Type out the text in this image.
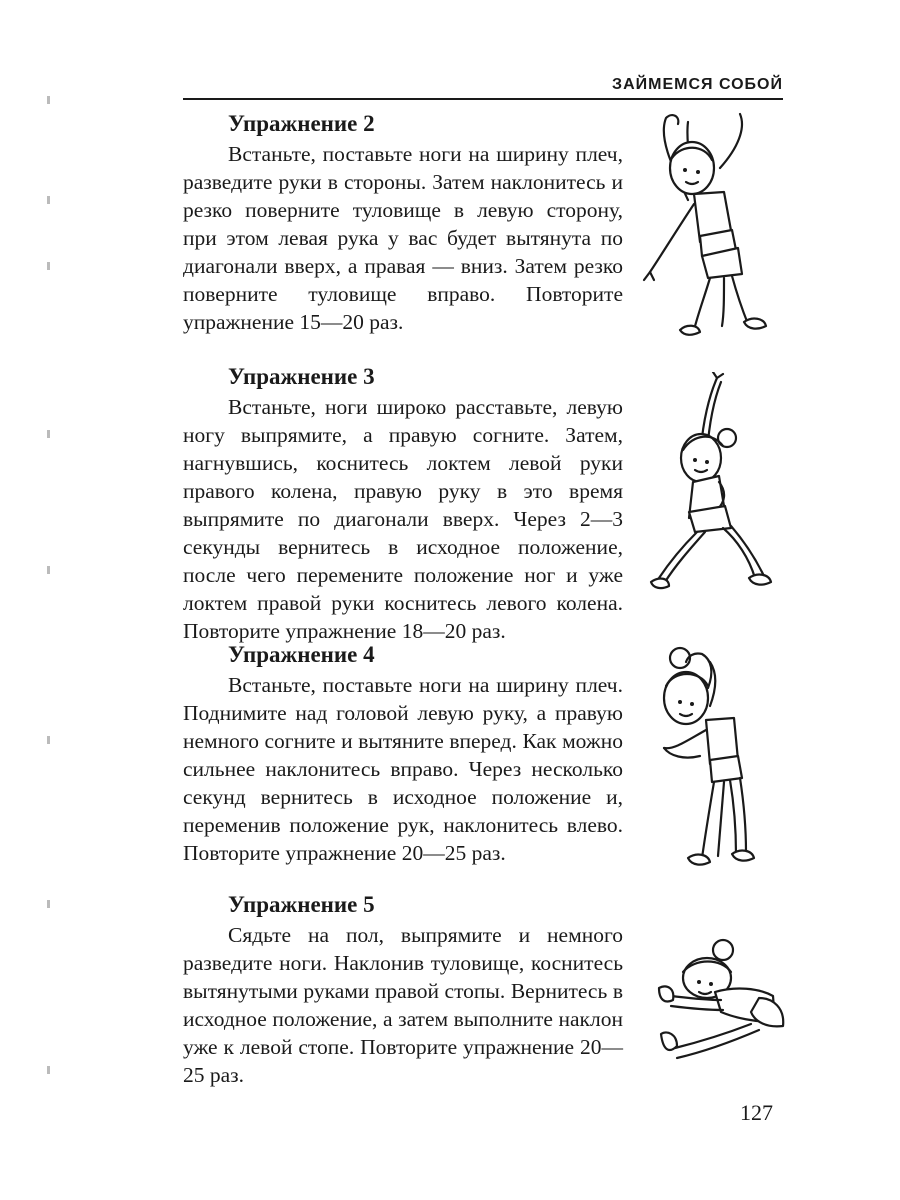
ЗАЙМЕМСЯ СОБОЙ
Упражнение 2

Встаньте, поставьте ноги на ширину плеч, разведите руки в стороны. Затем наклонитесь и резко поверните туловище в левую сторону, при этом левая рука у вас будет вытянута по диагонали вверх, а правая — вниз. Затем резко поверните туловище вправо. Повторите упражнение 15—20 раз.

Упражнение 3

Встаньте, ноги широко расставьте, левую ногу выпрямите, а правую согните. Затем, нагнувшись, коснитесь локтем левой руки правого колена, правую руку в это время выпрямите по диагонали вверх. Через 2—3 секунды вернитесь в исходное положение, после чего перемените положение ног и уже локтем правой руки коснитесь левого колена. Повторите упражнение 18—20 раз.

Упражнение 4

Встаньте, поставьте ноги на ширину плеч. Поднимите над головой левую руку, а правую немного согните и вытяните вперед. Как можно сильнее наклонитесь вправо. Через несколько секунд вернитесь в исходное положение и, переменив положение рук, наклонитесь влево. Повторите упражнение 20—25 раз.

Упражнение 5

Сядьте на пол, выпрямите и немного разведите ноги. Наклонив туловище, коснитесь вытянутыми руками правой стопы. Вернитесь в исходное положение, а затем выполните наклон уже к левой стопе. Повторите упражнение 20—25 раз.

127
